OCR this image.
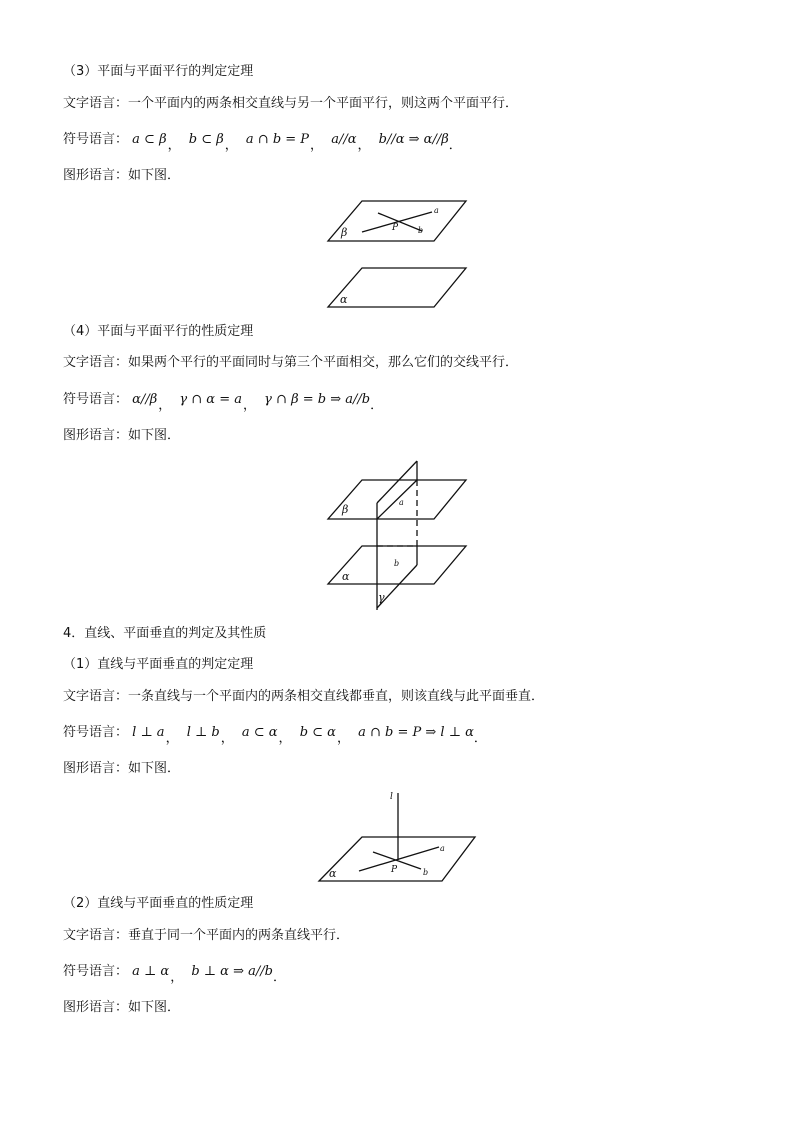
（3）平面与平面平行的判定定理
文字语言：一个平面内的两条相交直线与另一个平面平行，则这两个平面平行．
符号语言： a ⊂ β， b ⊂ β， a ∩ b = P， a//α， b//α ⇒ α//β．
图形语言：如下图．
a
b
P
β
α
（4）平面与平面平行的性质定理
文字语言：如果两个平行的平面同时与第三个平面相交，那么它们的交线平行．
符号语言： α//β， γ ∩ α = a， γ ∩ β = b ⇒ a//b．
图形语言：如下图．
a
b
β
α
γ
4．直线、平面垂直的判定及其性质
（1）直线与平面垂直的判定定理
文字语言：一条直线与一个平面内的两条相交直线都垂直，则该直线与此平面垂直．
符号语言： l ⊥ a， l ⊥ b， a ⊂ α， b ⊂ α， a ∩ b = P ⇒ l ⊥ α．
图形语言：如下图．
l
a
b
P
α
（2）直线与平面垂直的性质定理
文字语言：垂直于同一个平面内的两条直线平行．
符号语言： a ⊥ α， b ⊥ α ⇒ a//b．
图形语言：如下图．
